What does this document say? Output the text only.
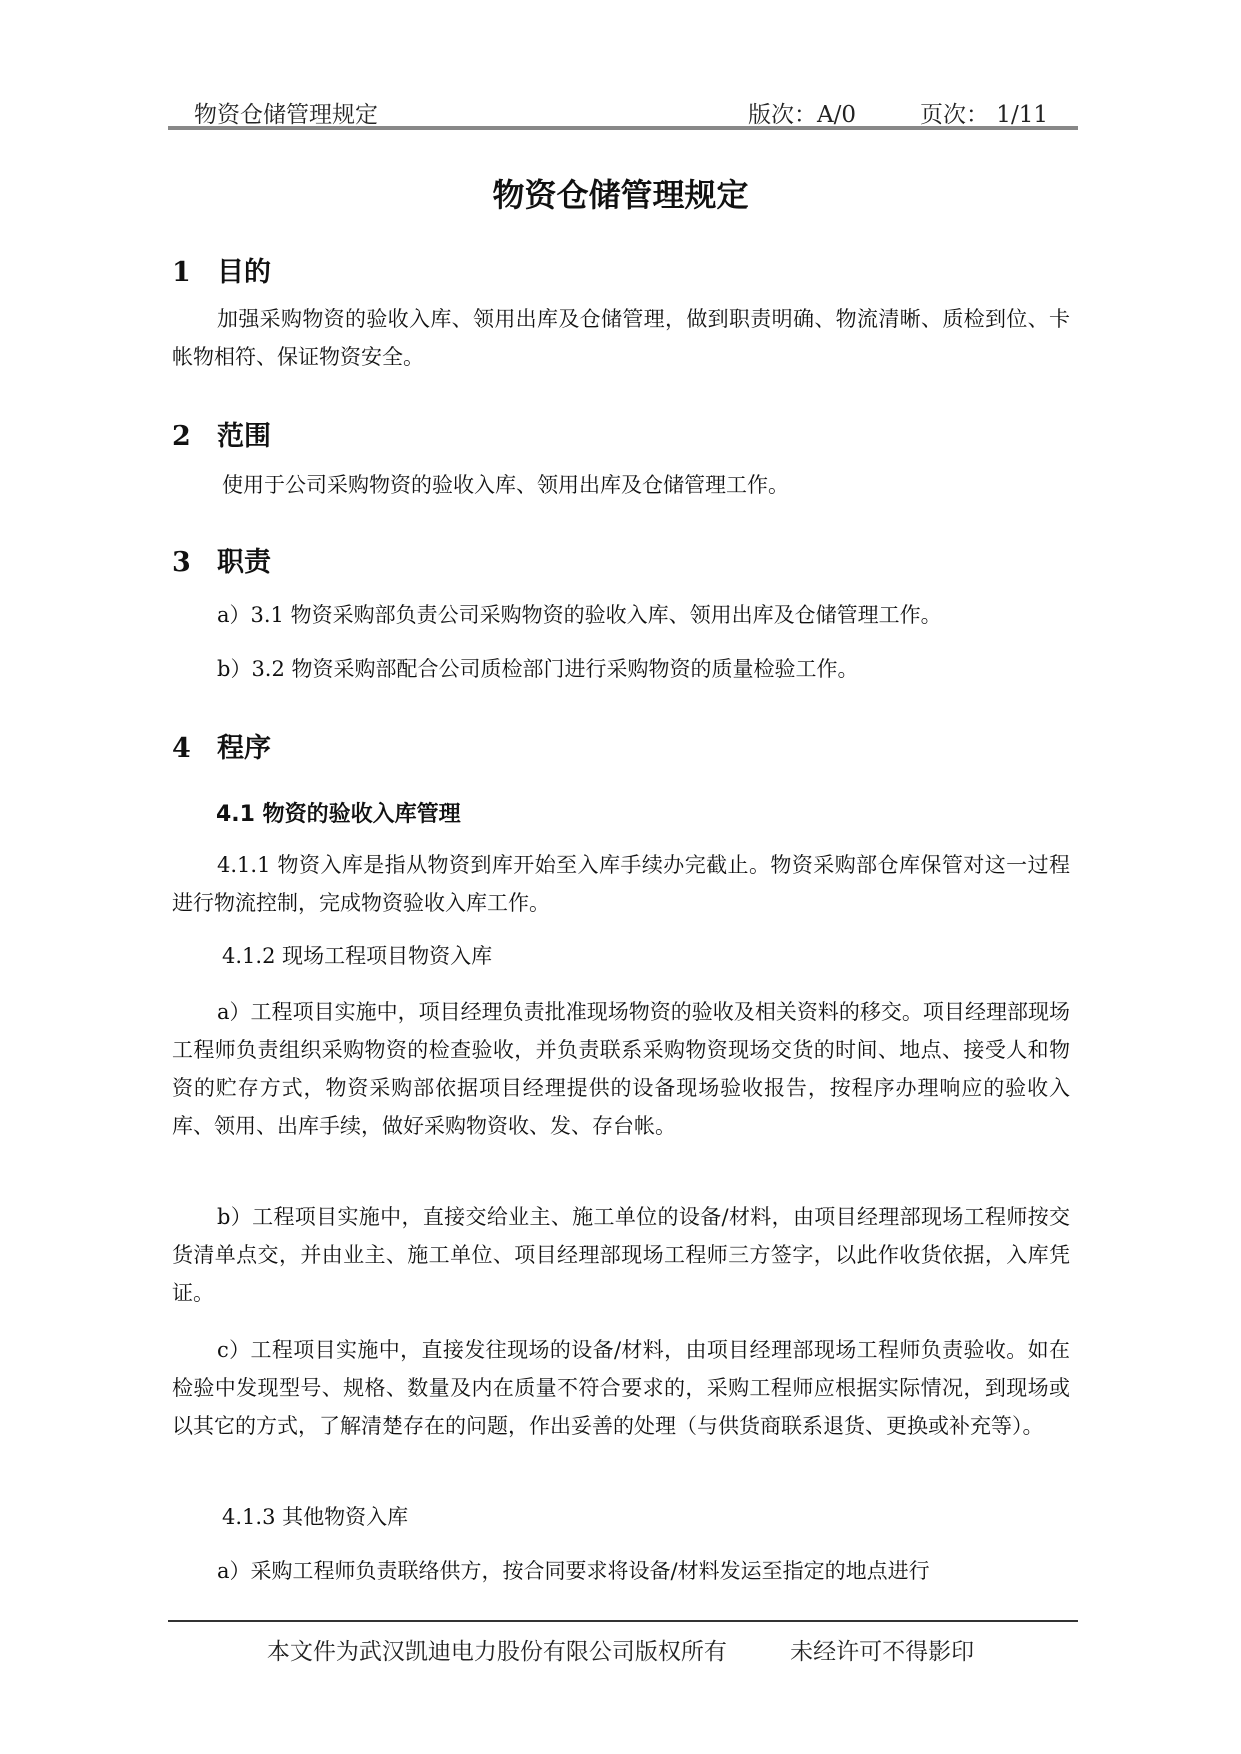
物资仓储管理规定	版次：A/0	页次： 1/11
物资仓储管理规定
1 目的
加强采购物资的验收入库、领用出库及仓储管理，做到职责明确、物流清晰、质检到位、卡帐物相符、保证物资安全。
2 范围
使用于公司采购物资的验收入库、领用出库及仓储管理工作。
3 职责
a）3.1 物资采购部负责公司采购物资的验收入库、领用出库及仓储管理工作。
b）3.2 物资采购部配合公司质检部门进行采购物资的质量检验工作。
4 程序
4.1 物资的验收入库管理
4.1.1 物资入库是指从物资到库开始至入库手续办完截止。物资采购部仓库保管对这一过程进行物流控制，完成物资验收入库工作。
4.1.2 现场工程项目物资入库
a）工程项目实施中，项目经理负责批准现场物资的验收及相关资料的移交。项目经理部现场工程师负责组织采购物资的检查验收，并负责联系采购物资现场交货的时间、地点、接受人和物资的贮存方式，物资采购部依据项目经理提供的设备现场验收报告，按程序办理响应的验收入库、领用、出库手续，做好采购物资收、发、存台帐。
b）工程项目实施中，直接交给业主、施工单位的设备/材料，由项目经理部现场工程师按交货清单点交，并由业主、施工单位、项目经理部现场工程师三方签字，以此作收货依据，入库凭证。
c）工程项目实施中，直接发往现场的设备/材料，由项目经理部现场工程师负责验收。如在检验中发现型号、规格、数量及内在质量不符合要求的，采购工程师应根据实际情况，到现场或以其它的方式，了解清楚存在的问题，作出妥善的处理（与供货商联系退货、更换或补充等）。
4.1.3 其他物资入库
a）采购工程师负责联络供方，按合同要求将设备/材料发运至指定的地点进行
本文件为武汉凯迪电力股份有限公司版权所有	未经许可不得影印
